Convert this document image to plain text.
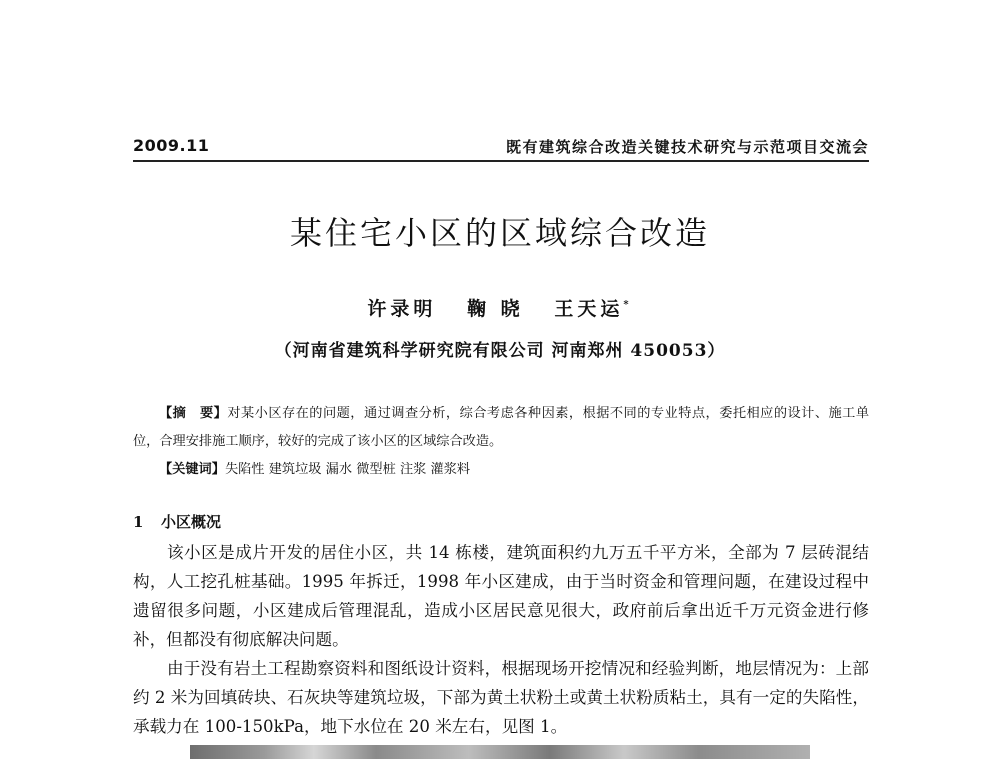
2009.11	既有建筑综合改造关键技术研究与示范项目交流会
某住宅小区的区域综合改造
许录明 鞠 晓 王天运*
（河南省建筑科学研究院有限公司 河南郑州 450053）
【摘　要】对某小区存在的问题，通过调查分析，综合考虑各种因素，根据不同的专业特点，委托相应的设计、施工单位，合理安排施工顺序，较好的完成了该小区的区域综合改造。
【关键词】失陷性 建筑垃圾 漏水 微型桩 注浆 灌浆料
1 小区概况
该小区是成片开发的居住小区，共 14 栋楼，建筑面积约九万五千平方米，全部为 7 层砖混结构，人工挖孔桩基础。1995 年拆迁，1998 年小区建成，由于当时资金和管理问题，在建设过程中遗留很多问题，小区建成后管理混乱，造成小区居民意见很大，政府前后拿出近千万元资金进行修补，但都没有彻底解决问题。
由于没有岩土工程勘察资料和图纸设计资料，根据现场开挖情况和经验判断，地层情况为：上部约 2 米为回填砖块、石灰块等建筑垃圾，下部为黄土状粉土或黄土状粉质粘土，具有一定的失陷性，承载力在 100-150kPa，地下水位在 20 米左右，见图 1。
